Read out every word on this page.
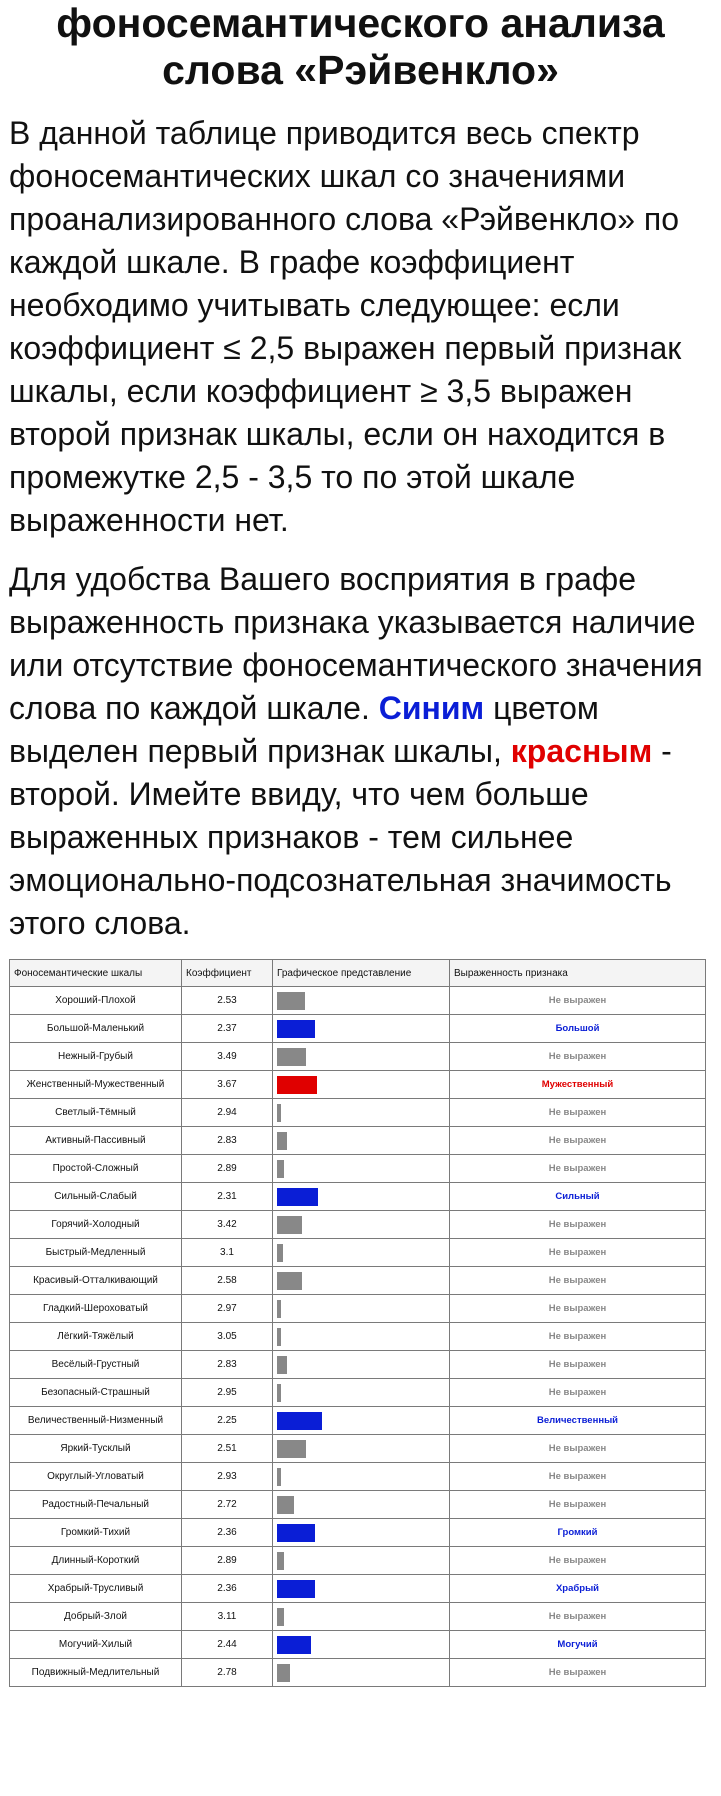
фоносемантического анализа
слова «Рэйвенкло»

В данной таблице приводится весь спектр фоносемантических шкал со значениями проанализированного слова «Рэйвенкло» по каждой шкале. В графе коэффициент необходимо учитывать следующее: если коэффициент ≤ 2,5 выражен первый признак шкалы, если коэффициент ≥ 3,5 выражен второй признак шкалы, если он находится в промежутке 2,5 - 3,5 то по этой шкале выраженности нет.

Для удобства Вашего восприятия в графе выраженность признака указывается наличие или отсутствие фоносемантического значения слова по каждой шкале. Синим цветом выделен первый признак шкалы, красным - второй. Имейте ввиду, что чем больше выраженных признаков - тем сильнее эмоционально-подсознательная значимость этого слова.

Фоносемантические шкалы	Коэффициент	Графическое представление	Выраженность признака
Хороший-Плохой	2.53		Не выражен
Большой-Маленький	2.37		Большой
Нежный-Грубый	3.49		Не выражен
Женственный-Мужественный	3.67		Мужественный
Светлый-Тёмный	2.94		Не выражен
Активный-Пассивный	2.83		Не выражен
Простой-Сложный	2.89		Не выражен
Сильный-Слабый	2.31		Сильный
Горячий-Холодный	3.42		Не выражен
Быстрый-Медленный	3.1		Не выражен
Красивый-Отталкивающий	2.58		Не выражен
Гладкий-Шероховатый	2.97		Не выражен
Лёгкий-Тяжёлый	3.05		Не выражен
Весёлый-Грустный	2.83		Не выражен
Безопасный-Страшный	2.95		Не выражен
Величественный-Низменный	2.25		Величественный
Яркий-Тусклый	2.51		Не выражен
Округлый-Угловатый	2.93		Не выражен
Радостный-Печальный	2.72		Не выражен
Громкий-Тихий	2.36		Громкий
Длинный-Короткий	2.89		Не выражен
Храбрый-Трусливый	2.36		Храбрый
Добрый-Злой	3.11		Не выражен
Могучий-Хилый	2.44		Могучий
Подвижный-Медлительный	2.78		Не выражен
